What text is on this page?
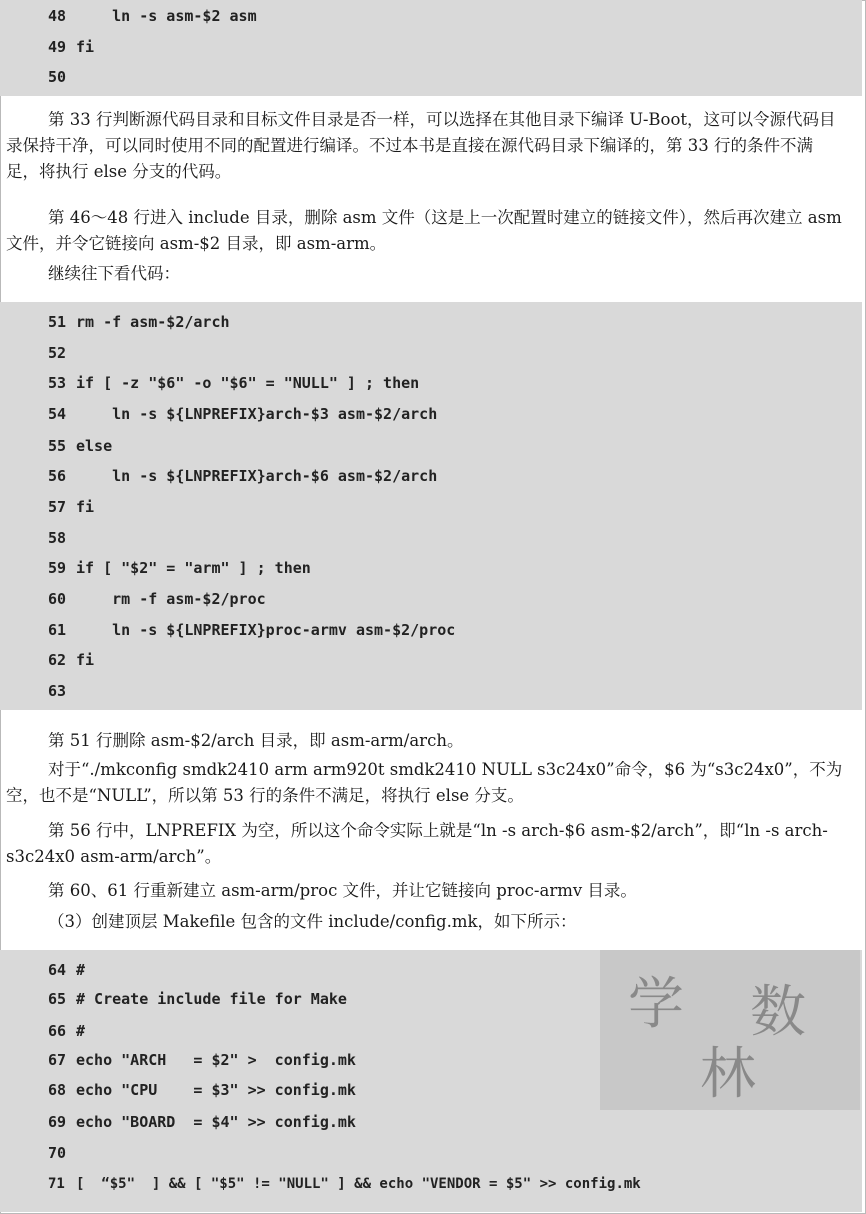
48    ln -s asm-$2 asm
49 fi
50
第 33 行判断源代码目录和目标文件目录是否一样，可以选择在其他目录下编译 U-Boot，这可以令源代码目录保持干净，可以同时使用不同的配置进行编译。不过本书是直接在源代码目录下编译的，第 33 行的条件不满足，将执行 else 分支的代码。
第 46～48 行进入 include 目录，删除 asm 文件（这是上一次配置时建立的链接文件），然后再次建立 asm 文件，并令它链接向 asm-$2 目录，即 asm-arm。
继续往下看代码：
51 rm -f asm-$2/arch
52
53 if [ -z "$6" -o "$6" = "NULL" ] ; then
54    ln -s ${LNPREFIX}arch-$3 asm-$2/arch
55 else
56    ln -s ${LNPREFIX}arch-$6 asm-$2/arch
57 fi
58
59 if [ "$2" = "arm" ] ; then
60    rm -f asm-$2/proc
61    ln -s ${LNPREFIX}proc-armv asm-$2/proc
62 fi
63
第 51 行删除 asm-$2/arch 目录，即 asm-arm/arch。
对于“./mkconfig smdk2410 arm arm920t smdk2410 NULL s3c24x0”命令，$6 为“s3c24x0”，不为空，也不是“NULL”，所以第 53 行的条件不满足，将执行 else 分支。
第 56 行中，LNPREFIX 为空，所以这个命令实际上就是“ln -s arch-$6 asm-$2/arch”，即“ln -s arch-s3c24x0 asm-arm/arch”。
第 60、61 行重新建立 asm-arm/proc 文件，并让它链接向 proc-armv 目录。
（3）创建顶层 Makefile 包含的文件 include/config.mk，如下所示：
64 #
65 # Create include file for Make
66 #
67 echo "ARCH   = $2" >  config.mk
68 echo "CPU    = $3" >> config.mk
69 echo "BOARD  = $4" >> config.mk
70
71 [  “$5"  ] && [ "$5" != "NULL" ] && echo "VENDOR = $5" >> config.mk
学 数
林
